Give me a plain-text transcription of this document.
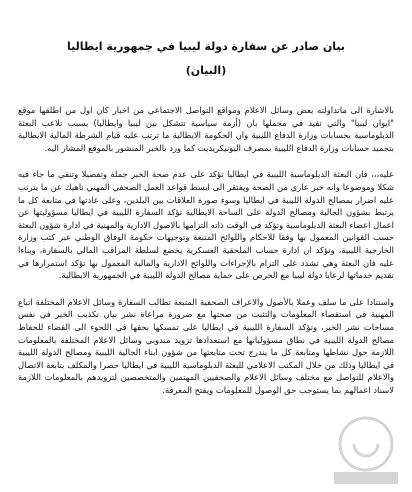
بيان صادر عن سفارة دولة ليبيا في جمهورية ايطاليا
(البيان)

بالاشارة الى ماتداولته بعض وسائل الاعلام ومواقع التواصل الاجتماعي من اخبار كان اول من اطلقها موقع "ايوان ليبيا" والتي تفيد في مجملها بان (أزمة سياسية تتشكل بين ليبيا وايطاليا) بسبب تلاعب البعثة الدبلوماسية بحسابات وزارة الدفاع الليبية وان الحكومة الايطالية ما ترتب عليه قيام الشرطة المالية الايطالية بتجميد حسابات وزارة الدفاع الليبية بمصرف اليونيكريديت كما ورد بالخبر المنشور بالموقع المشار اليه.

عليه،،، فان البعثة الدبلوماسية الليبية في ايطاليا تؤكد على عدم صحة الخبر جملة وتفصيلا وتنفي ما جاء فيه شكلا وموضوعا وانه خبر عاري من الصحة ويفتقر الى ابسط قواعد العمل الصحفي المهني ناهيك عن ما يترتب عليه اضرار بمصالح الدولة الليبية في ايطاليا وسوء صورة العلاقات بين البلدين، وعلى عادتها في متابعة كل ما يرتبط بشؤون الجالية ومصالح الدولة على الساحة الايطالية تؤكد السفارة الليبية في ايطاليا مسؤوليتها عن اعمال اعضاء البعثة الدبلوماسية وتؤكد في الوقت ذاته التزامها بالاصول الادارية والمهنية في ادارة شؤون البعثة حسب القوانين المعمول بها وفقا للاحكام واللوائح المتبعة وتوجيهات حكومة الوفاق الوطني عبر كتب وزارة الخارجية الليبية، وتؤكد ان ادارة حساب الملحقية العسكرية يخضع لسلطة المراقب المالي بالسفارة، وبناءا عليه فان البعثة وهي تشدد على التزام بالإجراءات واللوائح الادارية والمالية المعمول بها تؤكد استمرارها في تقديم خدماتها لرعايا دولة ليبيا مع الحرص على حماية مصالح الدولة الليبية في الجمهورية الايطالية.

واستنادا على ما سلف وعملا بالأصول والاعراف الصحفية المتبعة تطالب السفارة وسائل الاعلام المختلفة اتباع المهنية في استقصاء المعلومات والتثبت من صحتها مع ضرورة مراعاة نشر بيان تكذيب الخبر في نفس مساحات نشر الخبر، وتؤكد السفارة الليبية في ايطاليا على تمسكها بحقها في اللجوء الى القضاء للحفاظ مصالح الدولة الليبية في نطاق مسؤولياتها مع استعدادها تزويد مندوبي وسائل الاعلام المختلفة بالمعلومات اللازمة حول نشاطها ومتابعة كل ما يندرج تحت متابعتها من شؤون ابناء الجالية الليبية ومصالح الدولة الليبية في ايطاليا وذلك من خلال المكتب الاعلامي للبعثة الدبلوماسية الليبية في ايطاليا حصرا والمكلف بتابعة الاتصال والاعلام للتواصل مع مختلف وسائل الاعلام والصحفيين المهتمين والمتخصصين لتزويدهم بالمعلومات اللازمة لاسناد اعمالهم بما يستوجب حق الوصول للمعلومات ويفتح المعرفة.
